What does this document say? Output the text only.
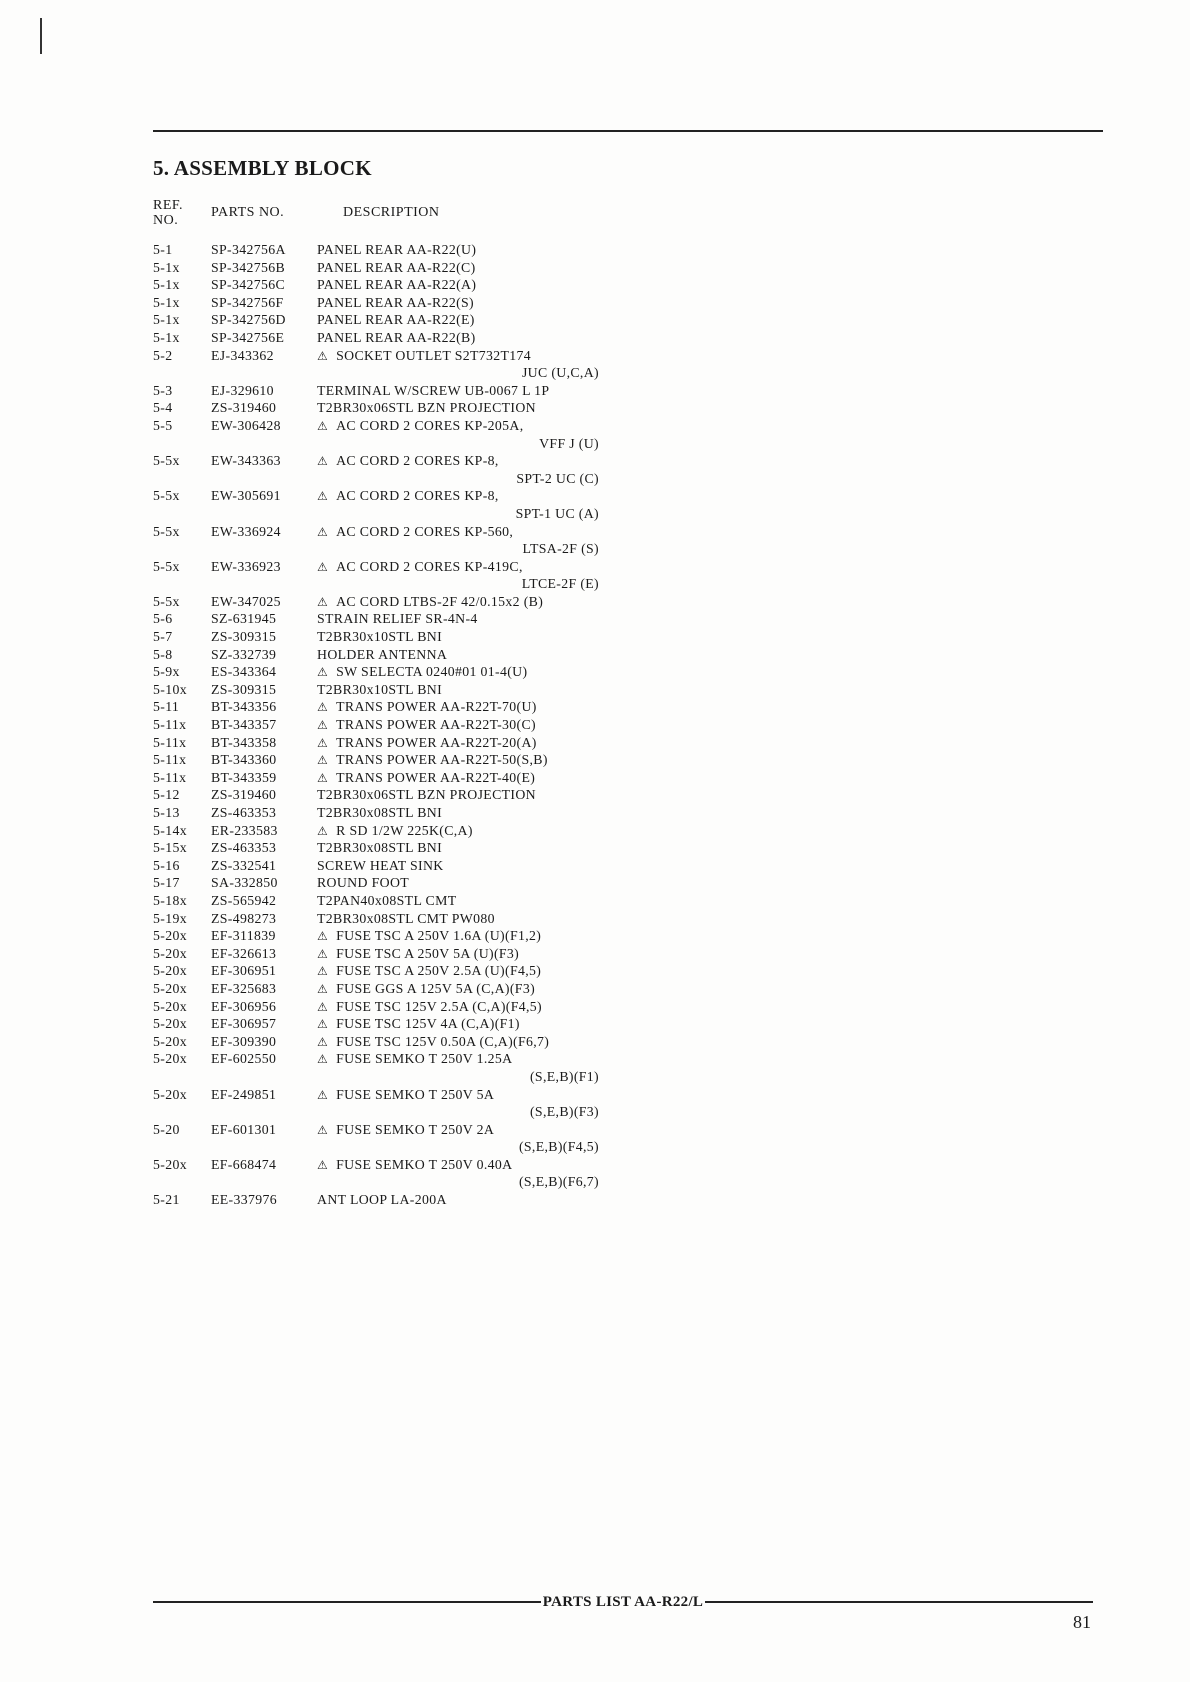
5. ASSEMBLY BLOCK
REF.
NO.
PARTS NO.	DESCRIPTION
5-1	SP-342756A PANEL REAR AA-R22(U)
5-1x SP-342756B PANEL REAR AA-R22(C)
5-1x SP-342756C PANEL REAR AA-R22(A)
5-1x SP-342756F PANEL REAR AA-R22(S)
5-1x SP-342756D PANEL REAR AA-R22(E)
5-1x SP-342756E PANEL REAR AA-R22(B)
5-2	EJ-343362	⚠ SOCKET OUTLET S2T732T174
JUC (U,C,A)
5-3	EJ-329610	TERMINAL W/SCREW UB-0067 L 1P
5-4	ZS-319460	T2BR30x06STL BZN PROJECTION
5-5	EW-306428	⚠ AC CORD 2 CORES KP-205A,
VFF J (U)
5-5x EW-343363	⚠ AC CORD 2 CORES KP-8,
SPT-2 UC (C)
5-5x EW-305691	⚠ AC CORD 2 CORES KP-8,
SPT-1 UC (A)
5-5x EW-336924	⚠ AC CORD 2 CORES KP-560,
LTSA-2F (S)
5-5x EW-336923	⚠ AC CORD 2 CORES KP-419C,
LTCE-2F (E)
5-5x EW-347025	⚠ AC CORD LTBS-2F 42/0.15x2 (B)
5-6	SZ-631945	STRAIN RELIEF SR-4N-4
5-7	ZS-309315	T2BR30x10STL BNI
5-8	SZ-332739	HOLDER ANTENNA
5-9x ES-343364	⚠ SW SELECTA 0240#01 01-4(U)
5-10x ZS-309315	T2BR30x10STL BNI
5-11 BT-343356	⚠ TRANS POWER AA-R22T-70(U)
5-11x BT-343357	⚠ TRANS POWER AA-R22T-30(C)
5-11x BT-343358	⚠ TRANS POWER AA-R22T-20(A)
5-11x BT-343360	⚠ TRANS POWER AA-R22T-50(S,B)
5-11x BT-343359	⚠ TRANS POWER AA-R22T-40(E)
5-12 ZS-319460	T2BR30x06STL BZN PROJECTION
5-13 ZS-463353	T2BR30x08STL BNI
5-14x ER-233583	⚠ R SD 1/2W 225K(C,A)
5-15x ZS-463353	T2BR30x08STL BNI
5-16 ZS-332541	SCREW HEAT SINK
5-17 SA-332850	ROUND FOOT
5-18x ZS-565942	T2PAN40x08STL CMT
5-19x ZS-498273	T2BR30x08STL CMT PW080
5-20x EF-311839	⚠ FUSE TSC A 250V 1.6A (U)(F1,2)
5-20x EF-326613	⚠ FUSE TSC A 250V 5A (U)(F3)
5-20x EF-306951	⚠ FUSE TSC A 250V 2.5A (U)(F4,5)
5-20x EF-325683	⚠ FUSE GGS A 125V 5A (C,A)(F3)
5-20x EF-306956	⚠ FUSE TSC 125V 2.5A (C,A)(F4,5)
5-20x EF-306957	⚠ FUSE TSC 125V 4A (C,A)(F1)
5-20x EF-309390	⚠ FUSE TSC 125V 0.50A (C,A)(F6,7)
5-20x EF-602550	⚠ FUSE SEMKO T 250V 1.25A
(S,E,B)(F1)
5-20x EF-249851	⚠ FUSE SEMKO T 250V 5A
(S,E,B)(F3)
5-20 EF-601301	⚠ FUSE SEMKO T 250V 2A
(S,E,B)(F4,5)
5-20x EF-668474	⚠ FUSE SEMKO T 250V 0.40A
(S,E,B)(F6,7)
5-21 EE-337976	ANT LOOP LA-200A
PARTS LIST AA-R22/L
81
